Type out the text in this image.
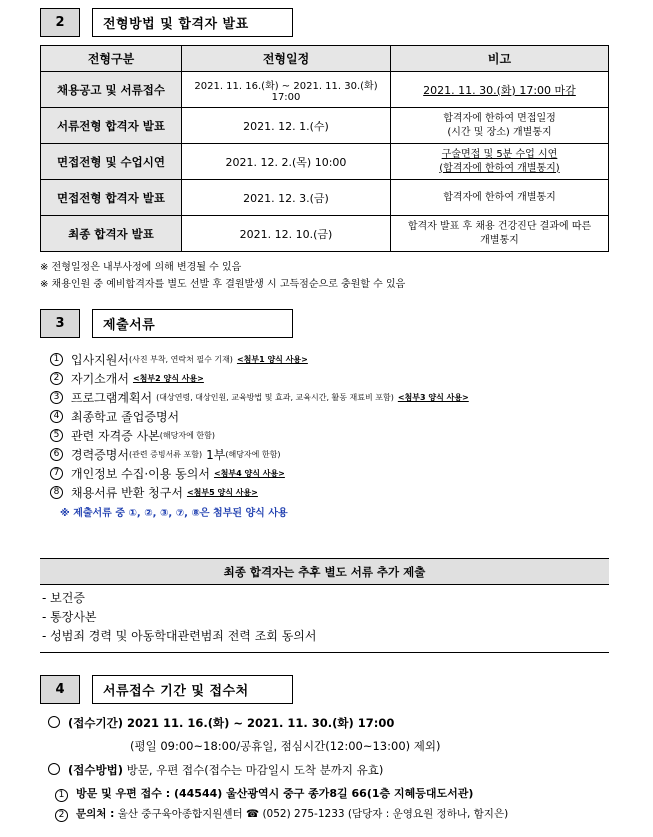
2	전형방법 및 합격자 발표
전형구분	전형일정	비고
채용공고 및 서류접수	2021. 11. 16.(화) ~ 2021. 11. 30.(화) 17:00	2021. 11. 30.(화) 17:00 마감
서류전형 합격자 발표	2021. 12. 1.(수)	합격자에 한하여 면접일정
(시간 및 장소) 개별통지

면접전형 및 수업시연	2021. 12. 2.(목) 10:00	구술면접 및 5분 수업 시연
(합격자에 한하여 개별통지)

면접전형 합격자 발표	2021. 12. 3.(금)	합격자에 한하여 개별통지
최종 합격자 발표	2021. 12. 10.(금)	합격자 발표 후 채용 건강진단 결과에 따른
개별통지
※ 전형일정은 내부사정에 의해 변경될 수 있음
※ 채용인원 중 예비합격자를 별도 선발 후 결원발생 시 고득점순으로 충원할 수 있음
3	제출서류
1 입사지원서 (사진 부착, 연락처 필수 기재) <첨부1 양식 사용>
2 자기소개서 <첨부2 양식 사용>
3 프로그램계획서 (대상연령, 대상인원, 교육방법 및 효과, 교육시간, 활동 재료비 포함) <첨부3 양식 사용>
4 최종학교 졸업증명서
5 관련 자격증 사본 (해당자에 한함)
6 경력증명서 (관련 증빙서류 포함) 1부 (해당자에 한함)
7 개인정보 수집·이용 동의서 <첨부4 양식 사용>
8 채용서류 반환 청구서 <첨부5 양식 사용>
※ 제출서류 중 ①, ②, ③, ⑦, ⑧은 첨부된 양식 사용
최종 합격자는 추후 별도 서류 추가 제출
- 보건증
- 통장사본
- 성범죄 경력 및 아동학대관련범죄 전력 조회 동의서
4	서류접수 기간 및 접수처
(접수기간) 2021 11. 16.(화) ~ 2021. 11. 30.(화) 17:00
(평일 09:00~18:00/공휴일, 점심시간(12:00~13:00) 제외)
(접수방법) 방문, 우편 접수(접수는 마감일시 도착 분까지 유효)
1 방문 및 우편 접수 : (44544) 울산광역시 중구 종가8길 66(1층 지혜등대도서관)
2 문의처 : 울산 중구육아종합지원센터 ☎ (052) 275-1233 (담당자 : 운영요원 정하나, 함지은)
